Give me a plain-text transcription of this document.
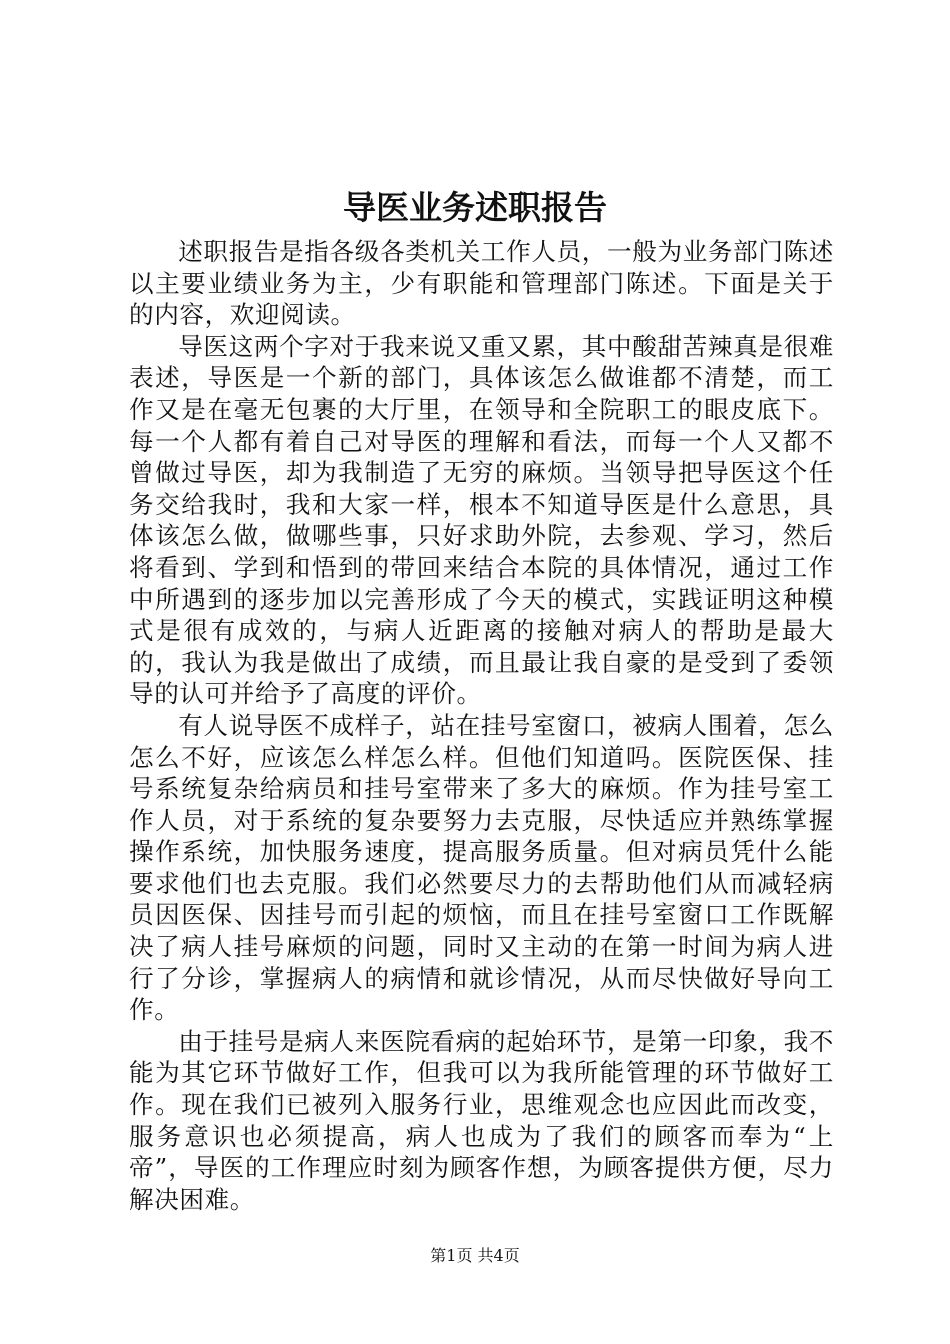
导医业务述职报告

述职报告是指各级各类机关工作人员，一般为业务部门陈述以主要业绩业务为主，少有职能和管理部门陈述。下面是关于的内容，欢迎阅读。

导医这两个字对于我来说又重又累，其中酸甜苦辣真是很难表述，导医是一个新的部门，具体该怎么做谁都不清楚，而工作又是在毫无包裹的大厅里，在领导和全院职工的眼皮底下。每一个人都有着自己对导医的理解和看法，而每一个人又都不曾做过导医，却为我制造了无穷的麻烦。当领导把导医这个任务交给我时，我和大家一样，根本不知道导医是什么意思，具体该怎么做，做哪些事，只好求助外院，去参观、学习，然后将看到、学到和悟到的带回来结合本院的具体情况，通过工作中所遇到的逐步加以完善形成了今天的模式，实践证明这种模式是很有成效的，与病人近距离的接触对病人的帮助是最大的，我认为我是做出了成绩，而且最让我自豪的是受到了委领导的认可并给予了高度的评价。

有人说导医不成样子，站在挂号室窗口，被病人围着，怎么怎么不好，应该怎么样怎么样。但他们知道吗。医院医保、挂号系统复杂给病员和挂号室带来了多大的麻烦。作为挂号室工作人员，对于系统的复杂要努力去克服，尽快适应并熟练掌握操作系统，加快服务速度，提高服务质量。但对病员凭什么能要求他们也去克服。我们必然要尽力的去帮助他们从而减轻病员因医保、因挂号而引起的烦恼，而且在挂号室窗口工作既解决了病人挂号麻烦的问题，同时又主动的在第一时间为病人进行了分诊，掌握病人的病情和就诊情况，从而尽快做好导向工作。

由于挂号是病人来医院看病的起始环节，是第一印象，我不能为其它环节做好工作，但我可以为我所能管理的环节做好工作。现在我们已被列入服务行业，思维观念也应因此而改变，服务意识也必须提高，病人也成为了我们的顾客而奉为“上帝”，导医的工作理应时刻为顾客作想，为顾客提供方便，尽力解决困难。

第1页 共4页
